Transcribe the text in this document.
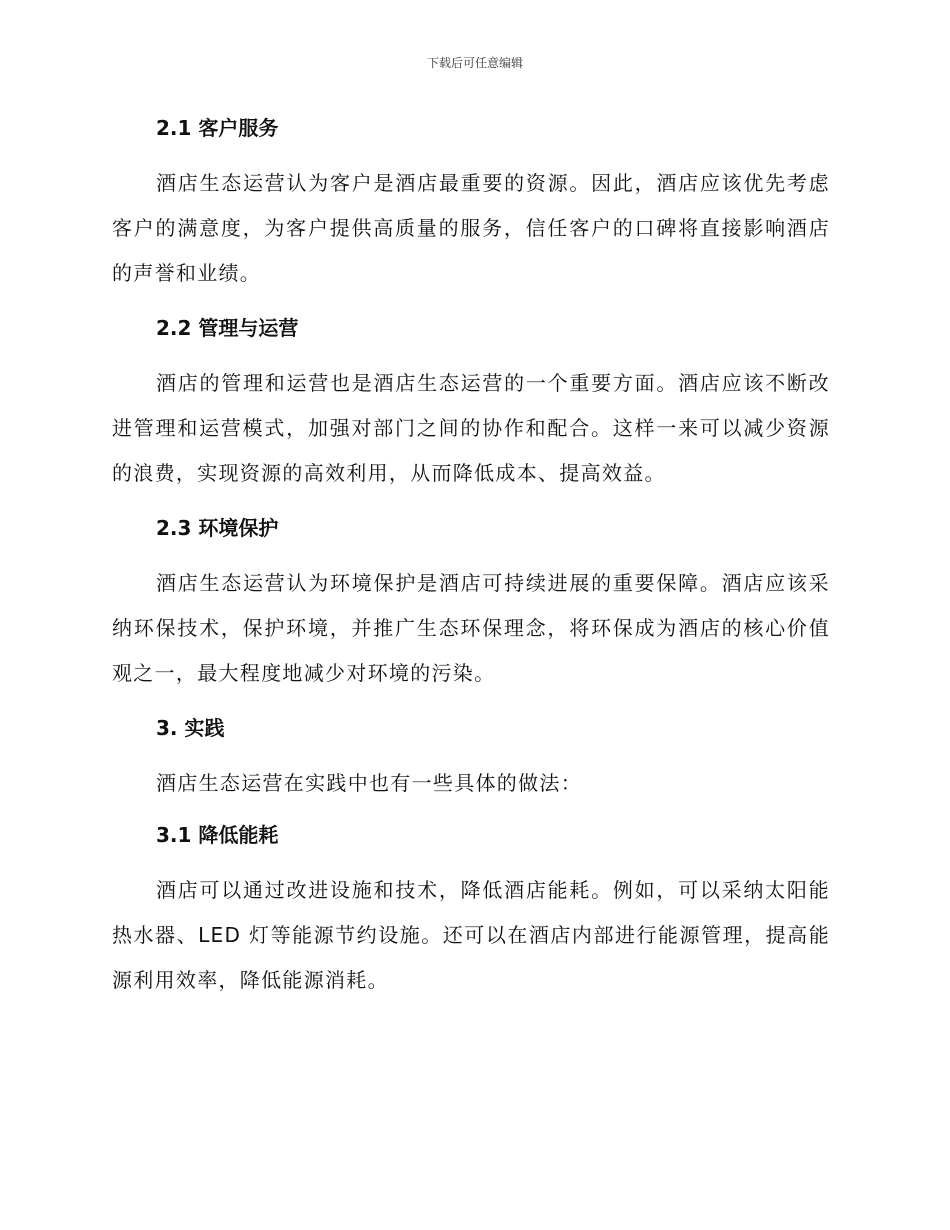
下载后可任意编辑
2.1 客户服务

酒店生态运营认为客户是酒店最重要的资源。因此，酒店应该优先考虑客户的满意度，为客户提供高质量的服务，信任客户的口碑将直接影响酒店的声誉和业绩。

2.2 管理与运营

酒店的管理和运营也是酒店生态运营的一个重要方面。酒店应该不断改进管理和运营模式，加强对部门之间的协作和配合。这样一来可以减少资源的浪费，实现资源的高效利用，从而降低成本、提高效益。

2.3 环境保护

酒店生态运营认为环境保护是酒店可持续进展的重要保障。酒店应该采纳环保技术，保护环境，并推广生态环保理念，将环保成为酒店的核心价值观之一，最大程度地减少对环境的污染。

3. 实践

酒店生态运营在实践中也有一些具体的做法：

3.1 降低能耗

酒店可以通过改进设施和技术，降低酒店能耗。例如，可以采纳太阳能热水器、LED 灯等能源节约设施。还可以在酒店内部进行能源管理，提高能源利用效率，降低能源消耗。
